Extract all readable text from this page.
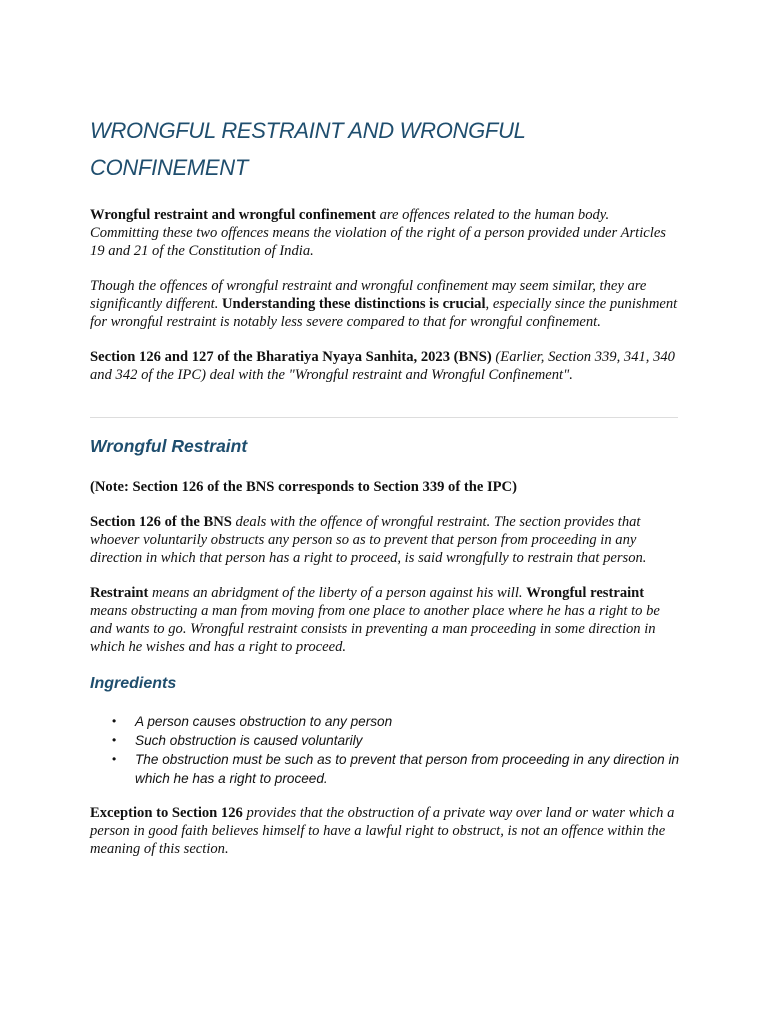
WRONGFUL RESTRAINT AND WRONGFUL CONFINEMENT

Wrongful restraint and wrongful confinement are offences related to the human body. Committing these two offences means the violation of the right of a person provided under Articles 19 and 21 of the Constitution of India.

Though the offences of wrongful restraint and wrongful confinement may seem similar, they are significantly different. Understanding these distinctions is crucial, especially since the punishment for wrongful restraint is notably less severe compared to that for wrongful confinement.

Section 126 and 127 of the Bharatiya Nyaya Sanhita, 2023 (BNS) (Earlier, Section 339, 341, 340 and 342 of the IPC) deal with the "Wrongful restraint and Wrongful Confinement".

Wrongful Restraint

(Note: Section 126 of the BNS corresponds to Section 339 of the IPC)

Section 126 of the BNS deals with the offence of wrongful restraint. The section provides that whoever voluntarily obstructs any person so as to prevent that person from proceeding in any direction in which that person has a right to proceed, is said wrongfully to restrain that person.

Restraint means an abridgment of the liberty of a person against his will. Wrongful restraint means obstructing a man from moving from one place to another place where he has a right to be and wants to go. Wrongful restraint consists in preventing a man proceeding in some direction in which he wishes and has a right to proceed.

Ingredients
• A person causes obstruction to any person
• Such obstruction is caused voluntarily
• The obstruction must be such as to prevent that person from proceeding in any direction in which he has a right to proceed.

Exception to Section 126 provides that the obstruction of a private way over land or water which a person in good faith believes himself to have a lawful right to obstruct, is not an offence within the meaning of this section.
